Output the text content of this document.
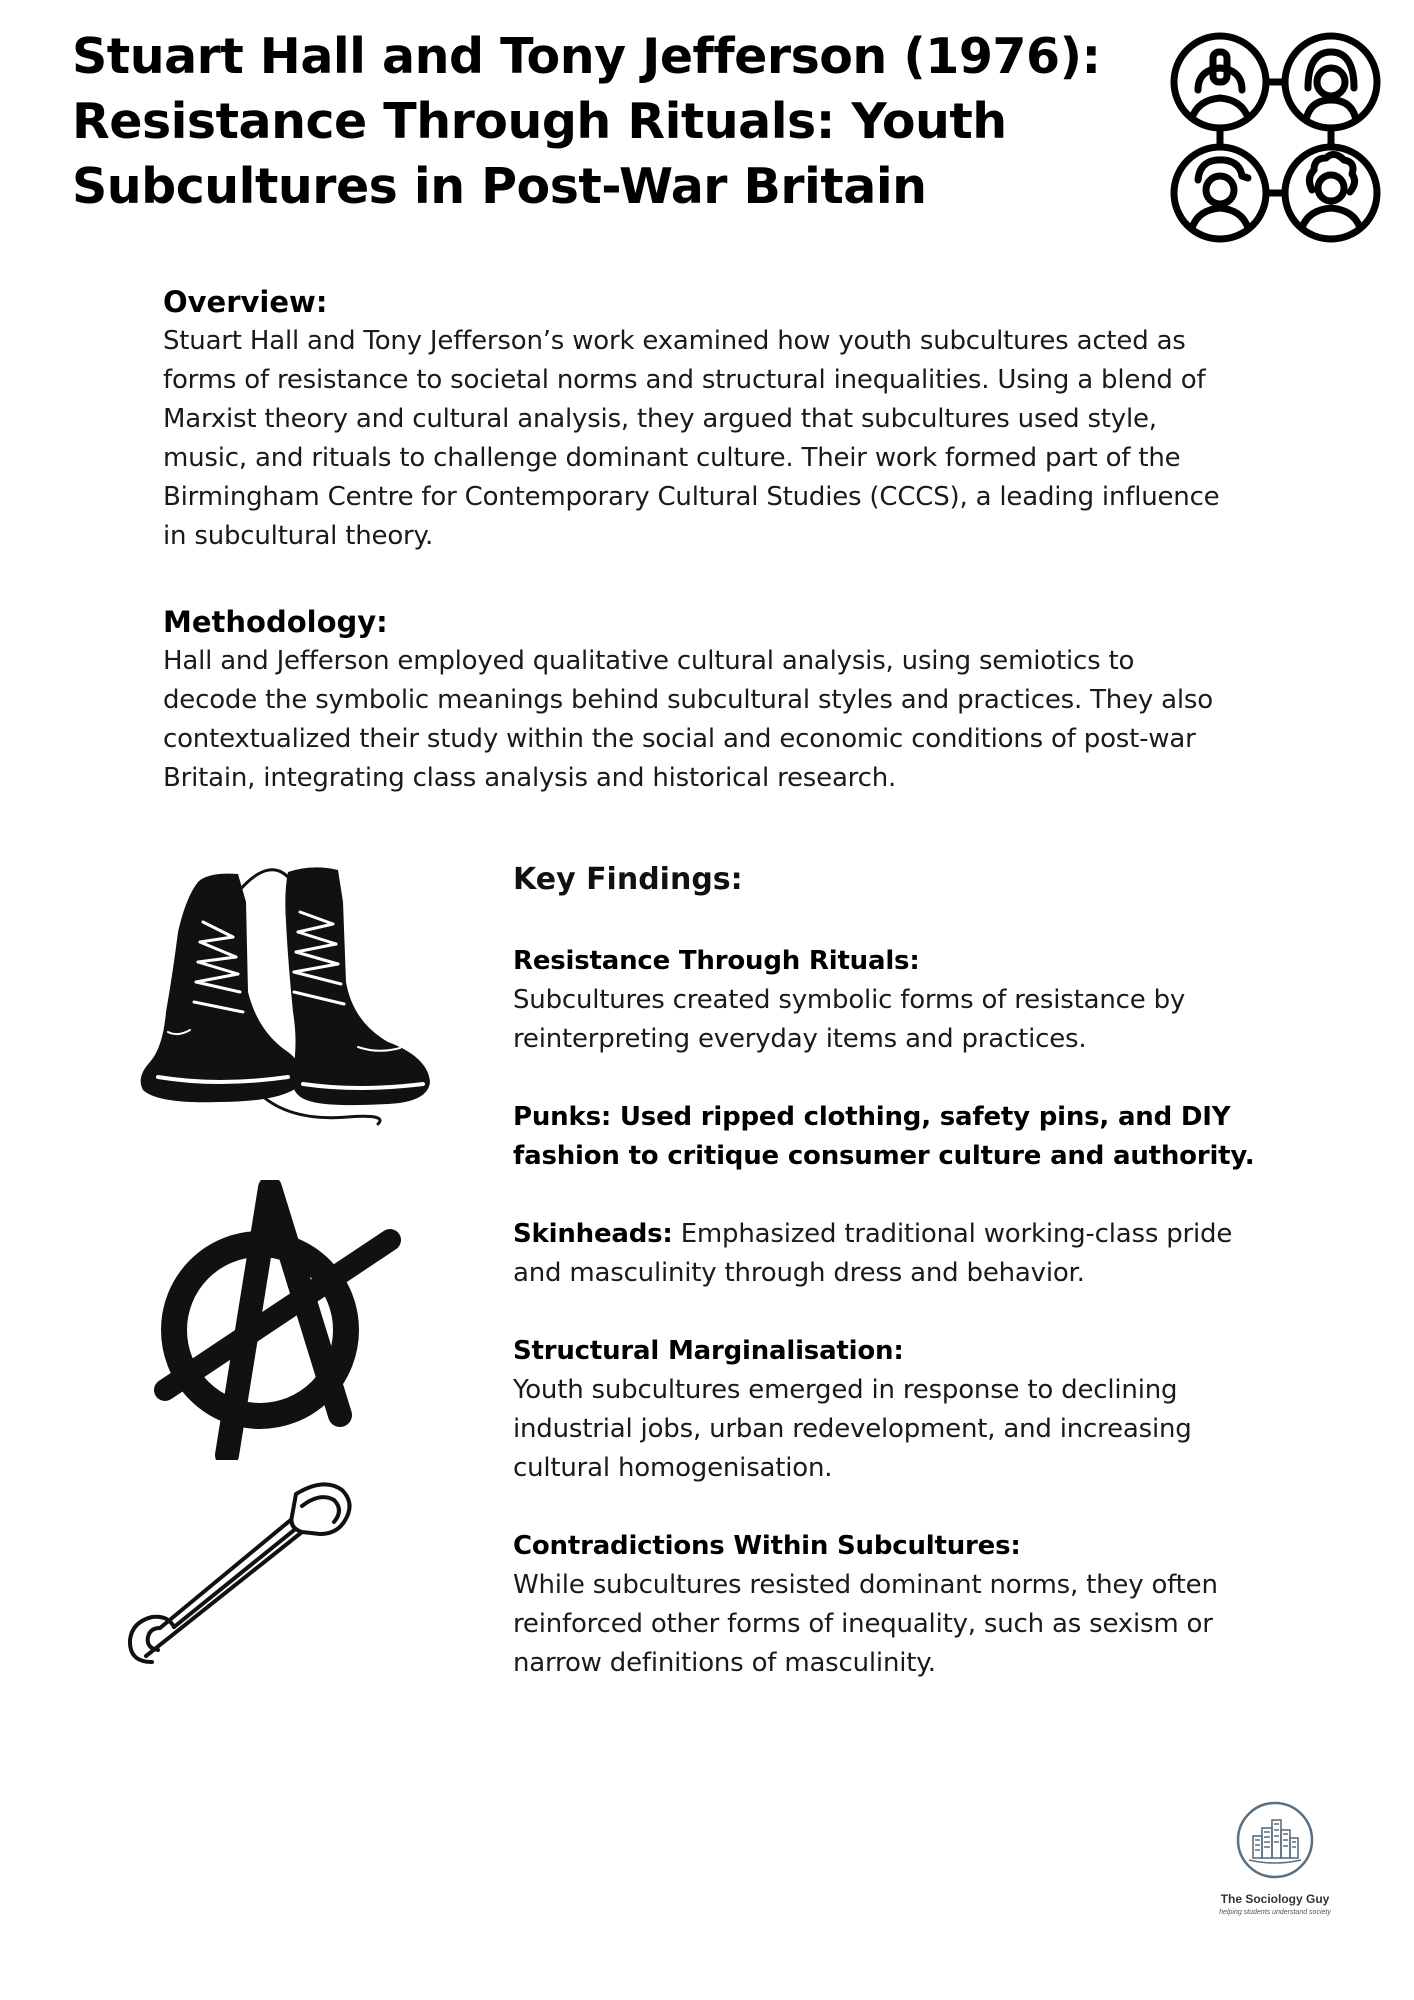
Stuart Hall and Tony Jefferson (1976):
Resistance Through Rituals: Youth
Subcultures in Post-War Britain
Overview:
Stuart Hall and Tony Jefferson’s work examined how youth subcultures acted as
forms of resistance to societal norms and structural inequalities. Using a blend of
Marxist theory and cultural analysis, they argued that subcultures used style,
music, and rituals to challenge dominant culture. Their work formed part of the
Birmingham Centre for Contemporary Cultural Studies (CCCS), a leading influence
in subcultural theory.
Methodology:
Hall and Jefferson employed qualitative cultural analysis, using semiotics to
decode the symbolic meanings behind subcultural styles and practices. They also
contextualized their study within the social and economic conditions of post-war
Britain, integrating class analysis and historical research.
Key Findings:
Resistance Through Rituals:
Subcultures created symbolic forms of resistance by
reinterpreting everyday items and practices.
Punks: Used ripped clothing, safety pins, and DIY
fashion to critique consumer culture and authority.
Skinheads: Emphasized traditional working-class pride
and masculinity through dress and behavior.
Structural Marginalisation:
Youth subcultures emerged in response to declining
industrial jobs, urban redevelopment, and increasing
cultural homogenisation.
Contradictions Within Subcultures:
While subcultures resisted dominant norms, they often
reinforced other forms of inequality, such as sexism or
narrow definitions of masculinity.
The Sociology Guy
helping students understand society
